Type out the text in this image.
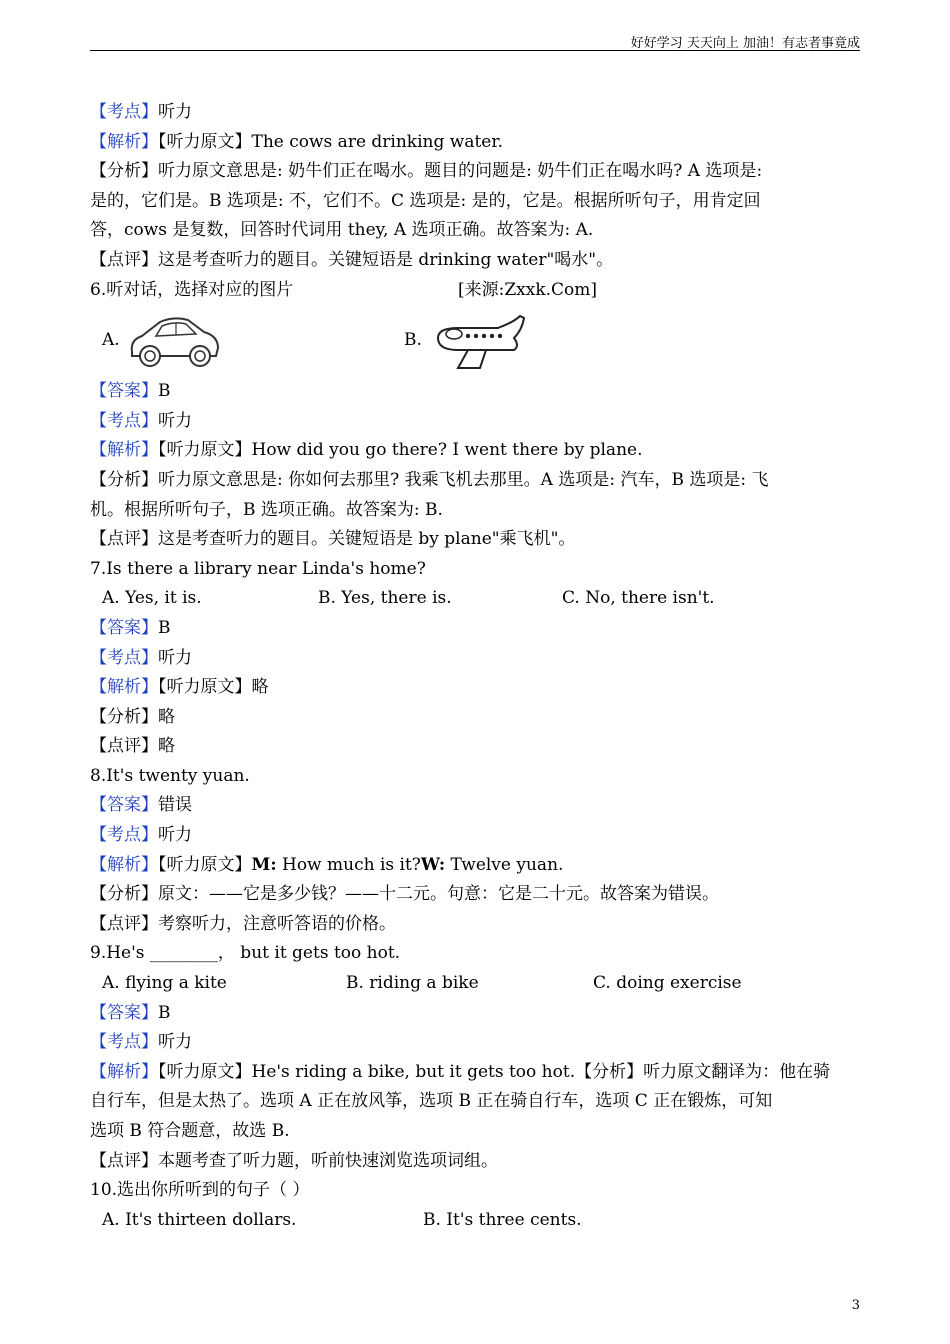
好好学习 天天向上 加油！有志者事竟成
【考点】听力
【解析】【听力原文】The cows are drinking water.
【分析】听力原文意思是: 奶牛们正在喝水。题目的问题是: 奶牛们正在喝水吗? A 选项是:
是的，它们是。B 选项是: 不，它们不。C 选项是: 是的，它是。根据所听句子，用肯定回
答，cows 是复数，回答时代词用 they, A 选项正确。故答案为: A.
【点评】这是考查听力的题目。关键短语是 drinking water"喝水"。
6.听对话，选择对应的图片	[来源:Zxxk.Com]
A.	B.
【答案】B
【考点】听力
【解析】【听力原文】How did you go there? I went there by plane.
【分析】听力原文意思是: 你如何去那里? 我乘飞机去那里。A 选项是: 汽车，B 选项是: 飞
机。根据所听句子，B 选项正确。故答案为: B.
【点评】这是考查听力的题目。关键短语是 by plane"乘飞机"。
7.Is there a library near Linda's home?
A. Yes, it is.	B. Yes, there is.	C. No, there isn't.
【答案】B
【考点】听力
【解析】【听力原文】略
【分析】略
【点评】略
8.It's twenty yuan.
【答案】错误
【考点】听力
【解析】【听力原文】M: How much is it?W: Twelve yuan.
【分析】原文：——它是多少钱？——十二元。句意：它是二十元。故答案为错误。
【点评】考察听力，注意听答语的价格。
9.He's ________， but it gets too hot.
A. flying a kite	B. riding a bike	C. doing exercise
【答案】B
【考点】听力
【解析】【听力原文】He's riding a bike, but it gets too hot.【分析】听力原文翻译为：他在骑
自行车，但是太热了。选项 A 正在放风筝，选项 B 正在骑自行车，选项 C 正在锻炼，可知
选项 B 符合题意，故选 B.
【点评】本题考查了听力题，听前快速浏览选项词组。
10.选出你所听到的句子（ ）
A. It's thirteen dollars.	B. It's three cents.
3
